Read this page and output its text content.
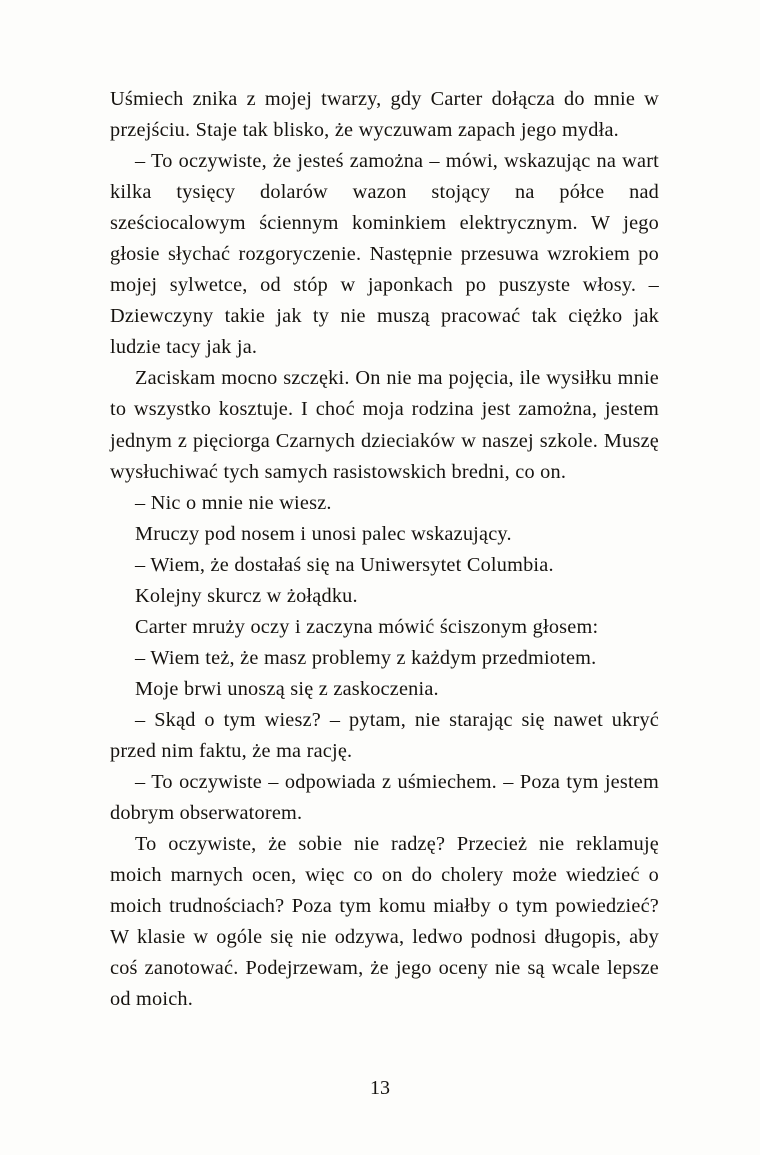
Uśmiech znika z mojej twarzy, gdy Carter dołącza do mnie w przejściu. Staje tak blisko, że wyczuwam zapach jego mydła.

– To oczywiste, że jesteś zamożna – mówi, wskazując na wart kilka tysięcy dolarów wazon stojący na półce nad sześciocalowym ściennym kominkiem elektrycznym. W jego głosie słychać rozgoryczenie. Następnie przesuwa wzrokiem po mojej sylwetce, od stóp w japonkach po puszyste włosy. – Dziewczyny takie jak ty nie muszą pracować tak ciężko jak ludzie tacy jak ja.

Zaciskam mocno szczęki. On nie ma pojęcia, ile wysiłku mnie to wszystko kosztuje. I choć moja rodzina jest zamożna, jestem jednym z pięciorga Czarnych dzieciaków w naszej szkole. Muszę wysłuchiwać tych samych rasistowskich bredni, co on.

– Nic o mnie nie wiesz.

Mruczy pod nosem i unosi palec wskazujący.

– Wiem, że dostałaś się na Uniwersytet Columbia.

Kolejny skurcz w żołądku.

Carter mruży oczy i zaczyna mówić ściszonym głosem:

– Wiem też, że masz problemy z każdym przedmiotem.

Moje brwi unoszą się z zaskoczenia.

– Skąd o tym wiesz? – pytam, nie starając się nawet ukryć przed nim faktu, że ma rację.

– To oczywiste – odpowiada z uśmiechem. – Poza tym jestem dobrym obserwatorem.

To oczywiste, że sobie nie radzę? Przecież nie reklamuję moich marnych ocen, więc co on do cholery może wiedzieć o moich trudnościach? Poza tym komu miałby o tym powiedzieć? W klasie w ogóle się nie odzywa, ledwo podnosi długopis, aby coś zanotować. Podejrzewam, że jego oceny nie są wcale lepsze od moich.

13
